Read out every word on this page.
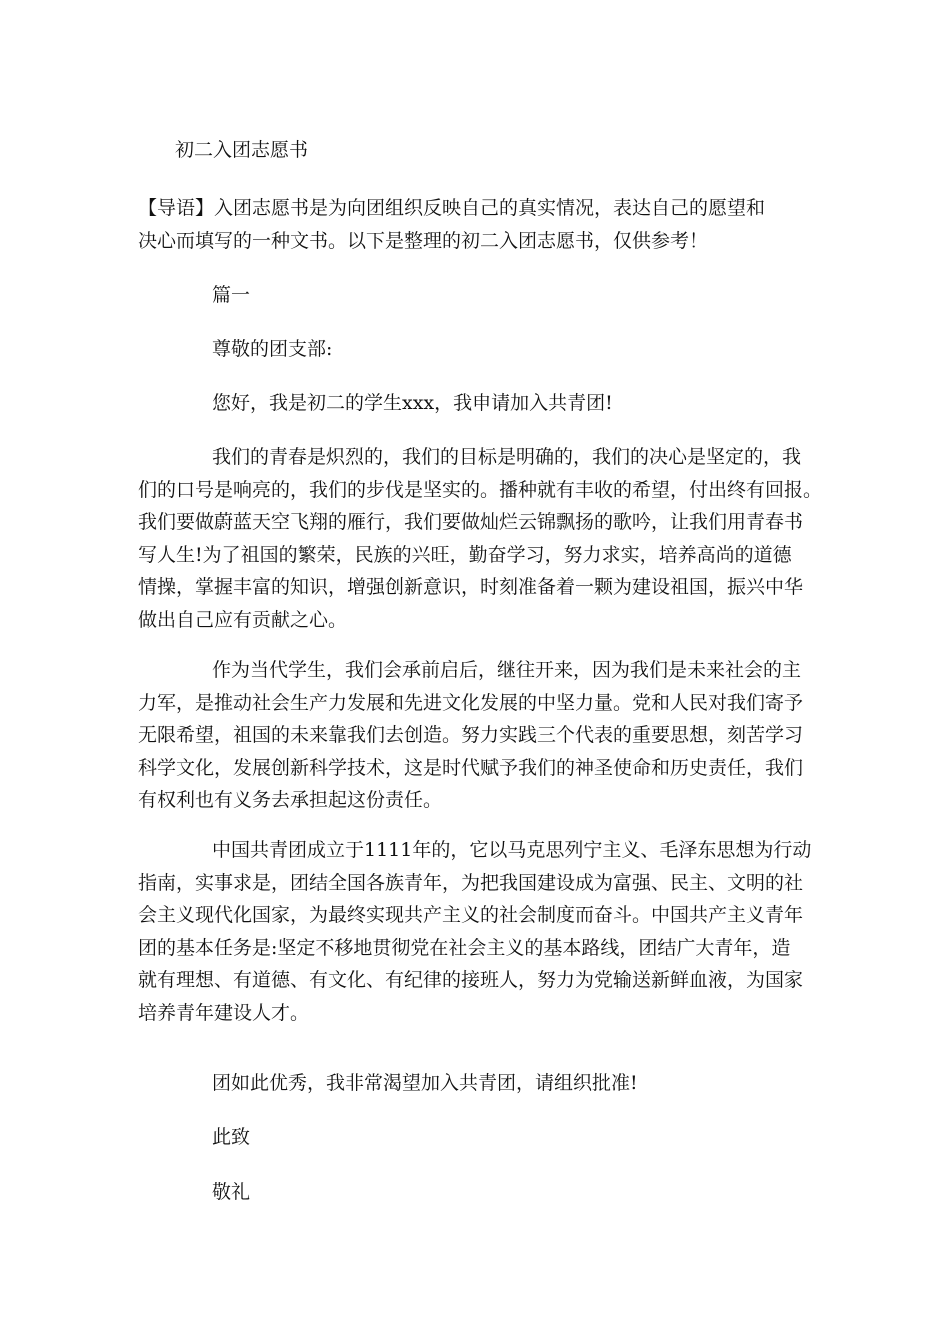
初二入团志愿书
【导语】入团志愿书是为向团组织反映自己的真实情况，表达自己的愿望和
决心而填写的一种文书。以下是整理的初二入团志愿书，仅供参考！
篇一
尊敬的团支部:
您好，我是初二的学生xxx，我申请加入共青团!
我们的青春是炽烈的，我们的目标是明确的，我们的决心是坚定的，我
们的口号是响亮的，我们的步伐是坚实的。播种就有丰收的希望，付出终有回报。
我们要做蔚蓝天空飞翔的雁行，我们要做灿烂云锦飘扬的歌吟，让我们用青春书
写人生!为了祖国的繁荣，民族的兴旺，勤奋学习，努力求实，培养高尚的道德
情操，掌握丰富的知识，增强创新意识，时刻准备着一颗为建设祖国，振兴中华
做出自己应有贡献之心。
作为当代学生，我们会承前启后，继往开来，因为我们是未来社会的主
力军，是推动社会生产力发展和先进文化发展的中坚力量。党和人民对我们寄予
无限希望，祖国的未来靠我们去创造。努力实践三个代表的重要思想，刻苦学习
科学文化，发展创新科学技术，这是时代赋予我们的神圣使命和历史责任，我们
有权利也有义务去承担起这份责任。
中国共青团成立于1111年的，它以马克思列宁主义、毛泽东思想为行动
指南，实事求是，团结全国各族青年，为把我国建设成为富强、民主、文明的社
会主义现代化国家，为最终实现共产主义的社会制度而奋斗。中国共产主义青年
团的基本任务是:坚定不移地贯彻党在社会主义的基本路线，团结广大青年，造
就有理想、有道德、有文化、有纪律的接班人，努力为党输送新鲜血液，为国家
培养青年建设人才。
团如此优秀，我非常渴望加入共青团，请组织批准!
此致
敬礼
